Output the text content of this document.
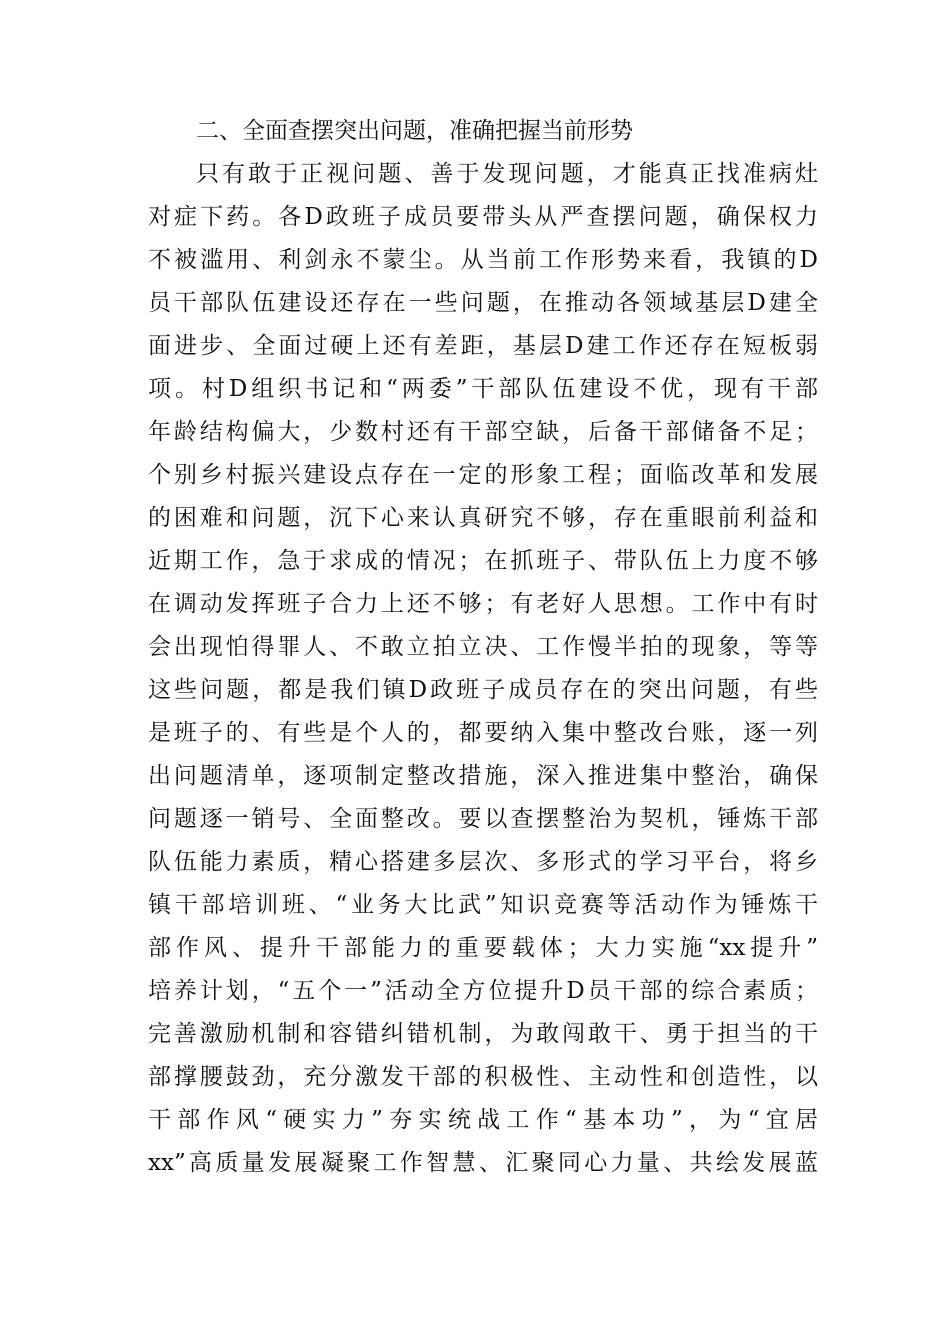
二、全面查摆突出问题，准确把握当前形势
只有敢于正视问题、善于发现问题，才能真正找准病灶
对症下药。各D政班子成员要带头从严查摆问题，确保权力
不被滥用、利剑永不蒙尘。从当前工作形势来看，我镇的D
员干部队伍建设还存在一些问题，在推动各领域基层D建全
面进步、全面过硬上还有差距，基层D建工作还存在短板弱
项。村D组织书记和“两委”干部队伍建设不优，现有干部
年龄结构偏大，少数村还有干部空缺，后备干部储备不足；
个别乡村振兴建设点存在一定的形象工程；面临改革和发展
的困难和问题，沉下心来认真研究不够，存在重眼前利益和
近期工作，急于求成的情况；在抓班子、带队伍上力度不够
在调动发挥班子合力上还不够；有老好人思想。工作中有时
会出现怕得罪人、不敢立拍立决、工作慢半拍的现象，等等
这些问题，都是我们镇D政班子成员存在的突出问题，有些
是班子的、有些是个人的，都要纳入集中整改台账，逐一列
出问题清单，逐项制定整改措施，深入推进集中整治，确保
问题逐一销号、全面整改。要以查摆整治为契机，锤炼干部
队伍能力素质，精心搭建多层次、多形式的学习平台，将乡
镇干部培训班、“业务大比武”知识竞赛等活动作为锤炼干
部作风、提升干部能力的重要载体；大力实施“xx提升”
培养计划，“五个一”活动全方位提升D员干部的综合素质；
完善激励机制和容错纠错机制，为敢闯敢干、勇于担当的干
部撑腰鼓劲，充分激发干部的积极性、主动性和创造性，以
干部作风“硬实力”夯实统战工作“基本功”，为“宜居
xx”高质量发展凝聚工作智慧、汇聚同心力量、共绘发展蓝
